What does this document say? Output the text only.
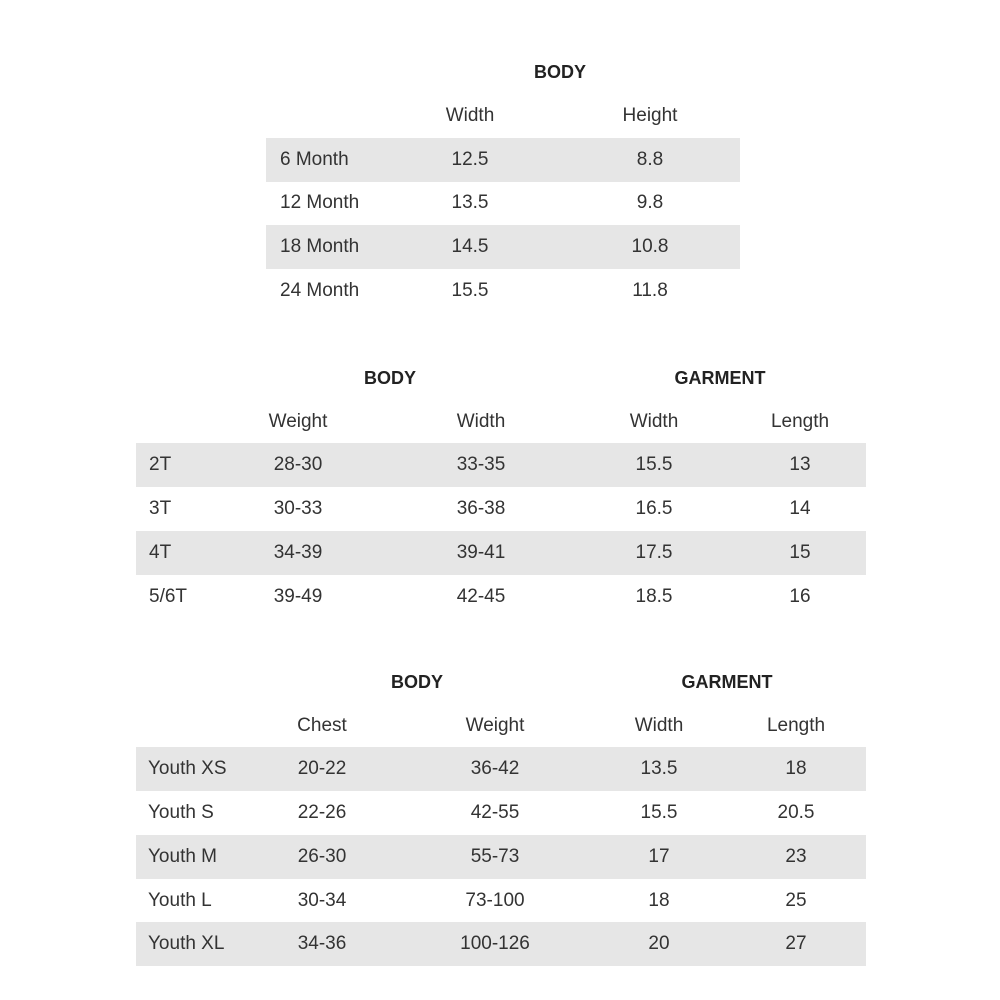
BODY
Width	Height
6 Month	12.5	8.8
12 Month	13.5	9.8
18 Month	14.5	10.8
24 Month	15.5	11.8
BODY	GARMENT
Weight	Width	Width	Length
2T	28-30	33-35	15.5	13
3T	30-33	36-38	16.5	14
4T	34-39	39-41	17.5	15
5/6T	39-49	42-45	18.5	16
BODY	GARMENT
Chest	Weight	Width	Length
Youth XS	20-22	36-42	13.5	18
Youth S	22-26	42-55	15.5	20.5
Youth M	26-30	55-73	17	23
Youth L	30-34	73-100	18	25
Youth XL	34-36	100-126	20	27
